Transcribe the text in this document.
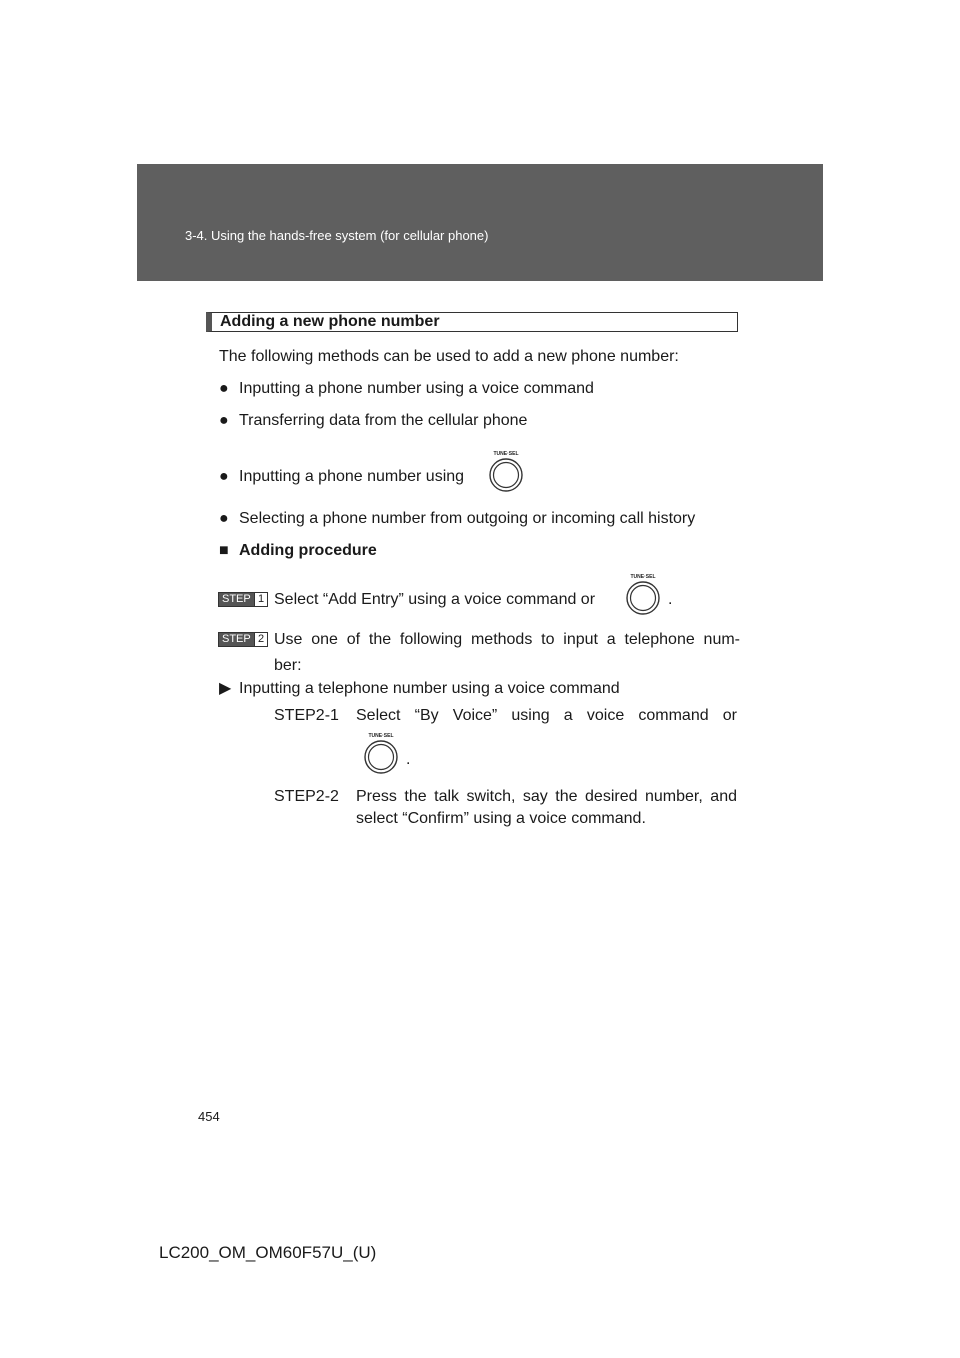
3-4. Using the hands-free system (for cellular phone)
Adding a new phone number
The following methods can be used to add a new phone number:
● Inputting a phone number using a voice command
● Transferring data from the cellular phone
● Inputting a phone number using
TUNE·SEL
● Selecting a phone number from outgoing or incoming call history
■ Adding procedure
STEP 1 Select “Add Entry” using a voice command or
TUNE·SEL
.
STEP 2 Use one of the following methods to input a telephone num-
ber:
▶ Inputting a telephone number using a voice command
STEP2-1 Select “By Voice” using a voice command or
TUNE·SEL
.
STEP2-2 Press the talk switch, say the desired number, and
select “Confirm” using a voice command.
454
LC200_OM_OM60F57U_(U)
